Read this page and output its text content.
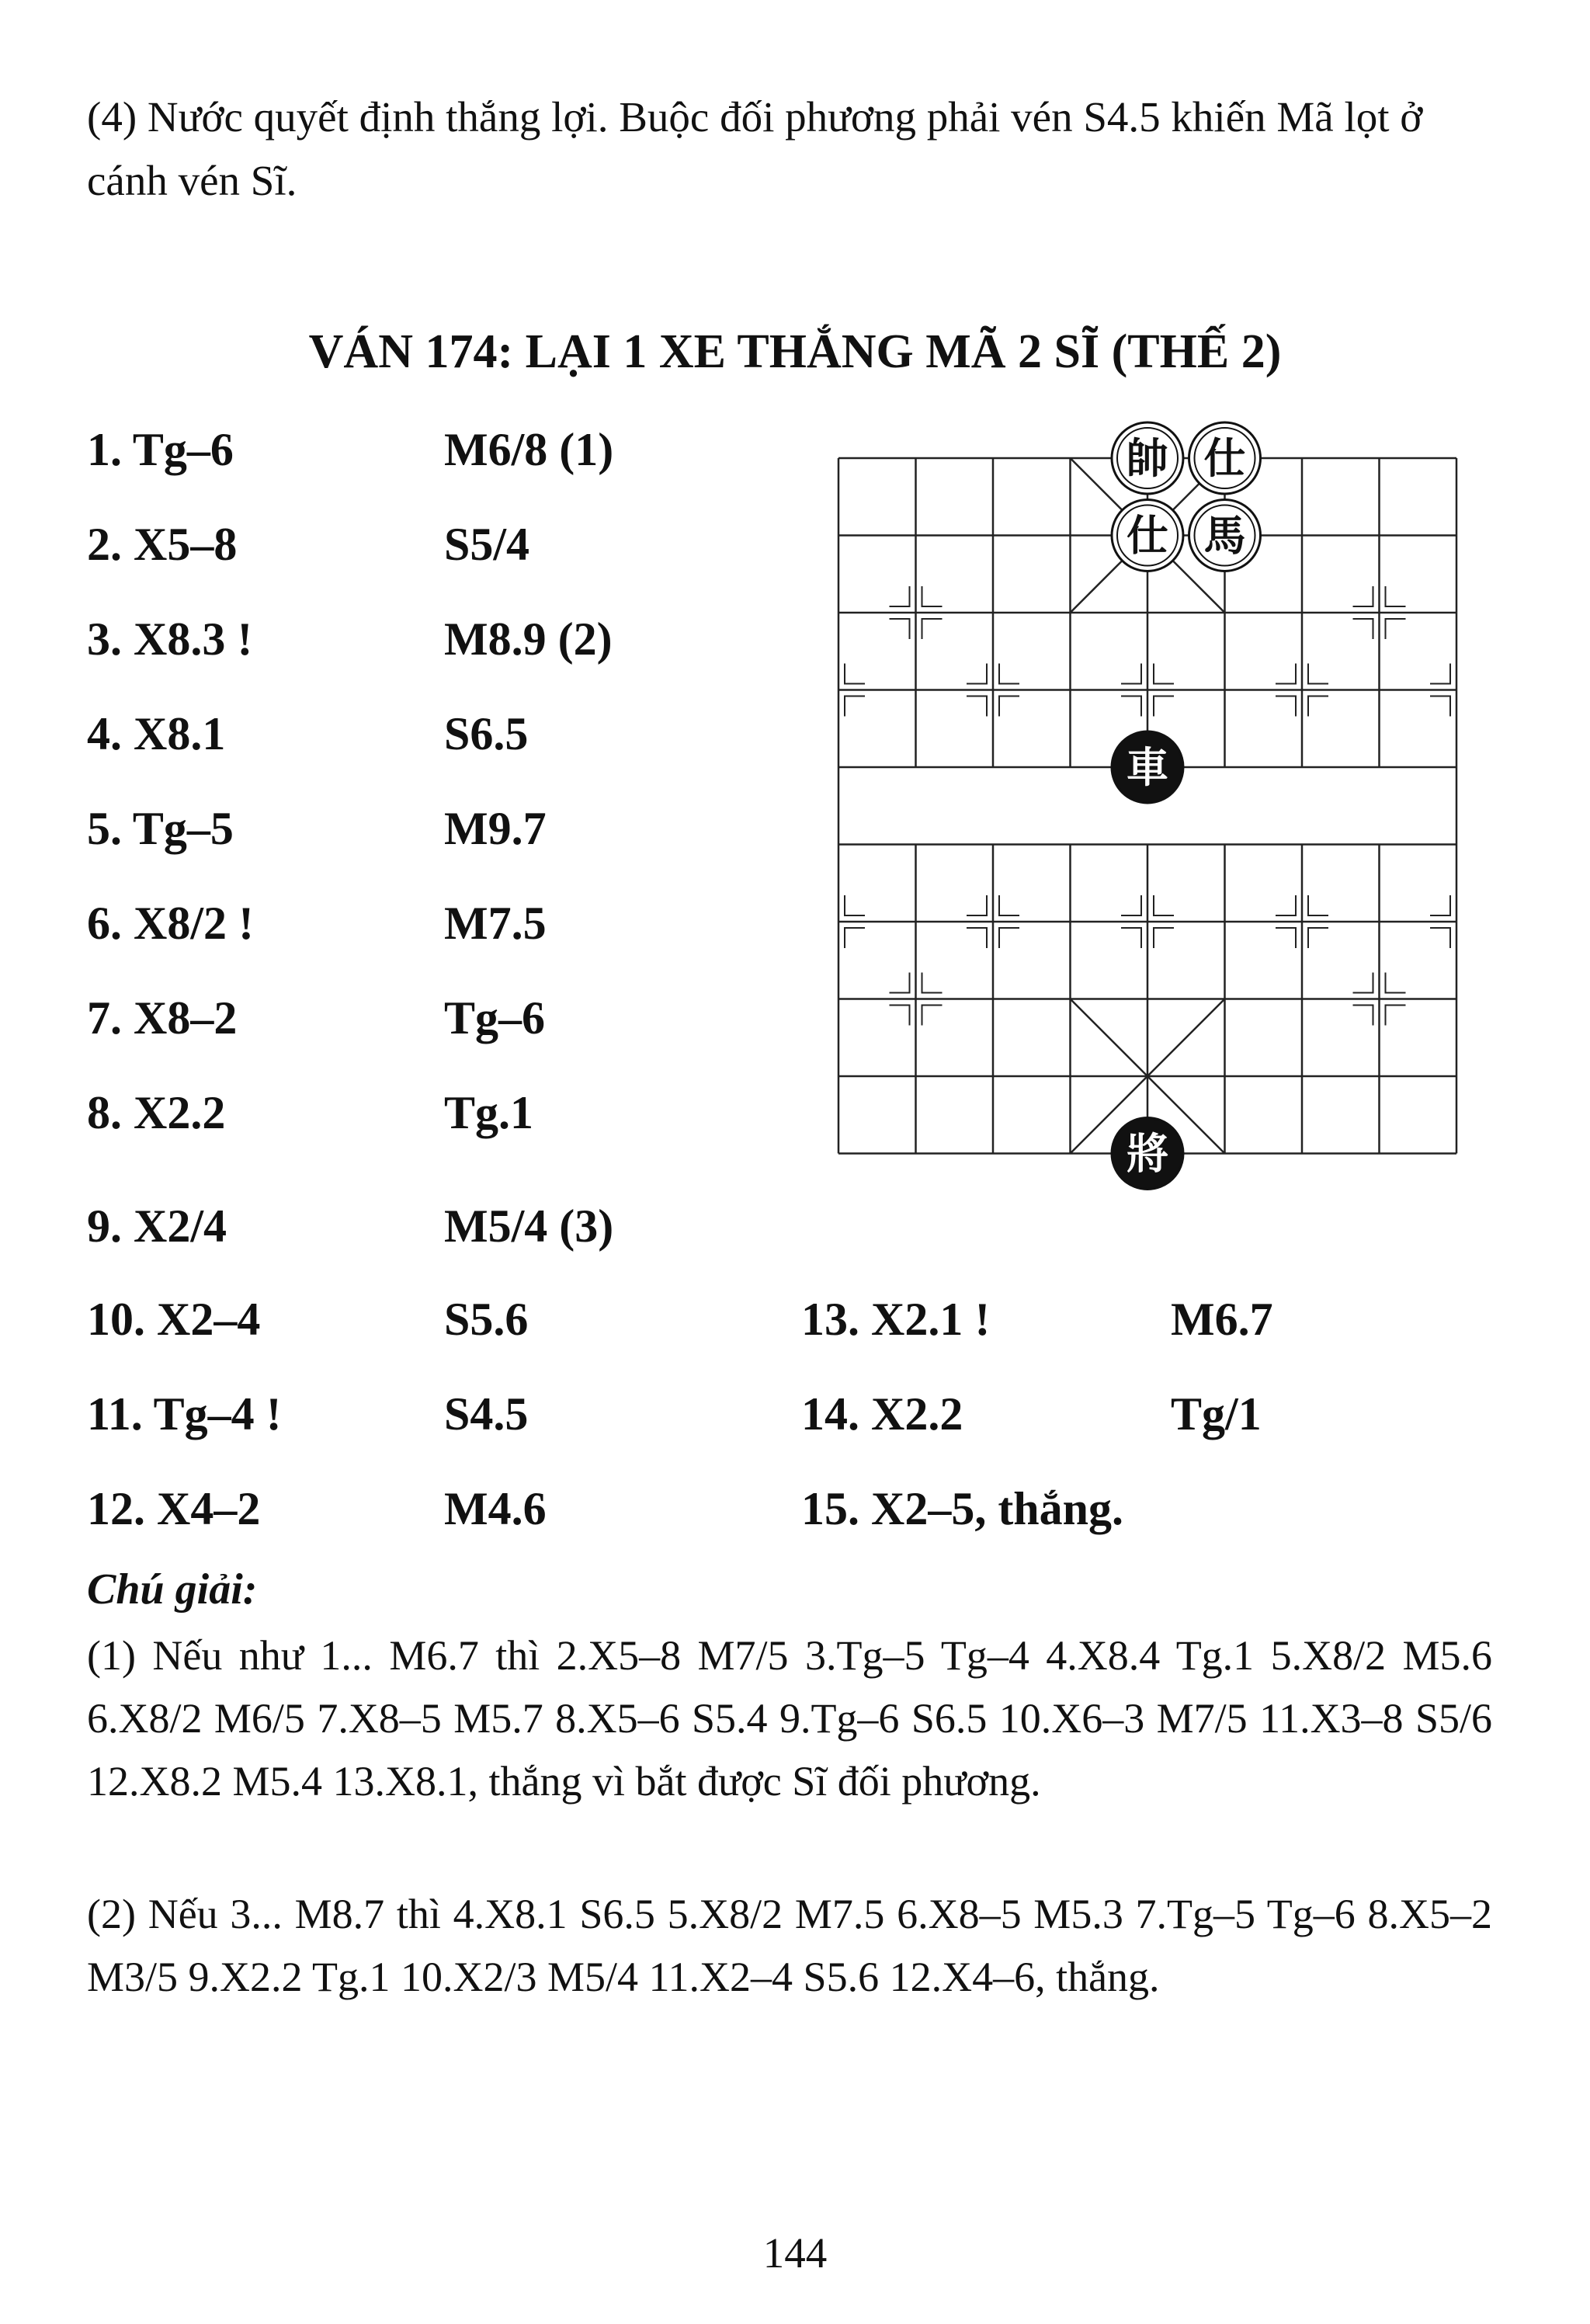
(4) Nước quyết định thắng lợi. Buộc đối phương phải vén S4.5 khiến Mã lọt ở cánh vén Sĩ.
VÁN 174: LẠI 1 XE THẮNG MÃ 2 SĨ (THẾ 2)
1. Tg–6	M6/8 (1)
2. X5–8	S5/4
3. X8.3 !	M8.9 (2)
4. X8.1	S6.5
5. Tg–5	M9.7
6. X8/2 !	M7.5
7. X8–2	Tg–6
8. X2.2	Tg.1
9. X2/4	M5/4 (3)
10. X2–4	S5.6
11. Tg–4 !	S4.5
12. X4–2	M4.6
13. X2.1 !	M6.7
14. X2.2	Tg/1
15. X2–5, thắng.
帥 仕
仕 馬
車
將
Chú giải:
(1) Nếu như 1... M6.7 thì 2.X5–8 M7/5 3.Tg–5 Tg–4 4.X8.4 Tg.1 5.X8/2 M5.6 6.X8/2 M6/5 7.X8–5 M5.7 8.X5–6 S5.4 9.Tg–6 S6.5 10.X6–3 M7/5 11.X3–8 S5/6 12.X8.2 M5.4 13.X8.1, thắng vì bắt được Sĩ đối phương.
(2) Nếu 3... M8.7 thì 4.X8.1 S6.5 5.X8/2 M7.5 6.X8–5 M5.3 7.Tg–5 Tg–6 8.X5–2 M3/5 9.X2.2 Tg.1 10.X2/3 M5/4 11.X2–4 S5.6 12.X4–6, thắng.
144
